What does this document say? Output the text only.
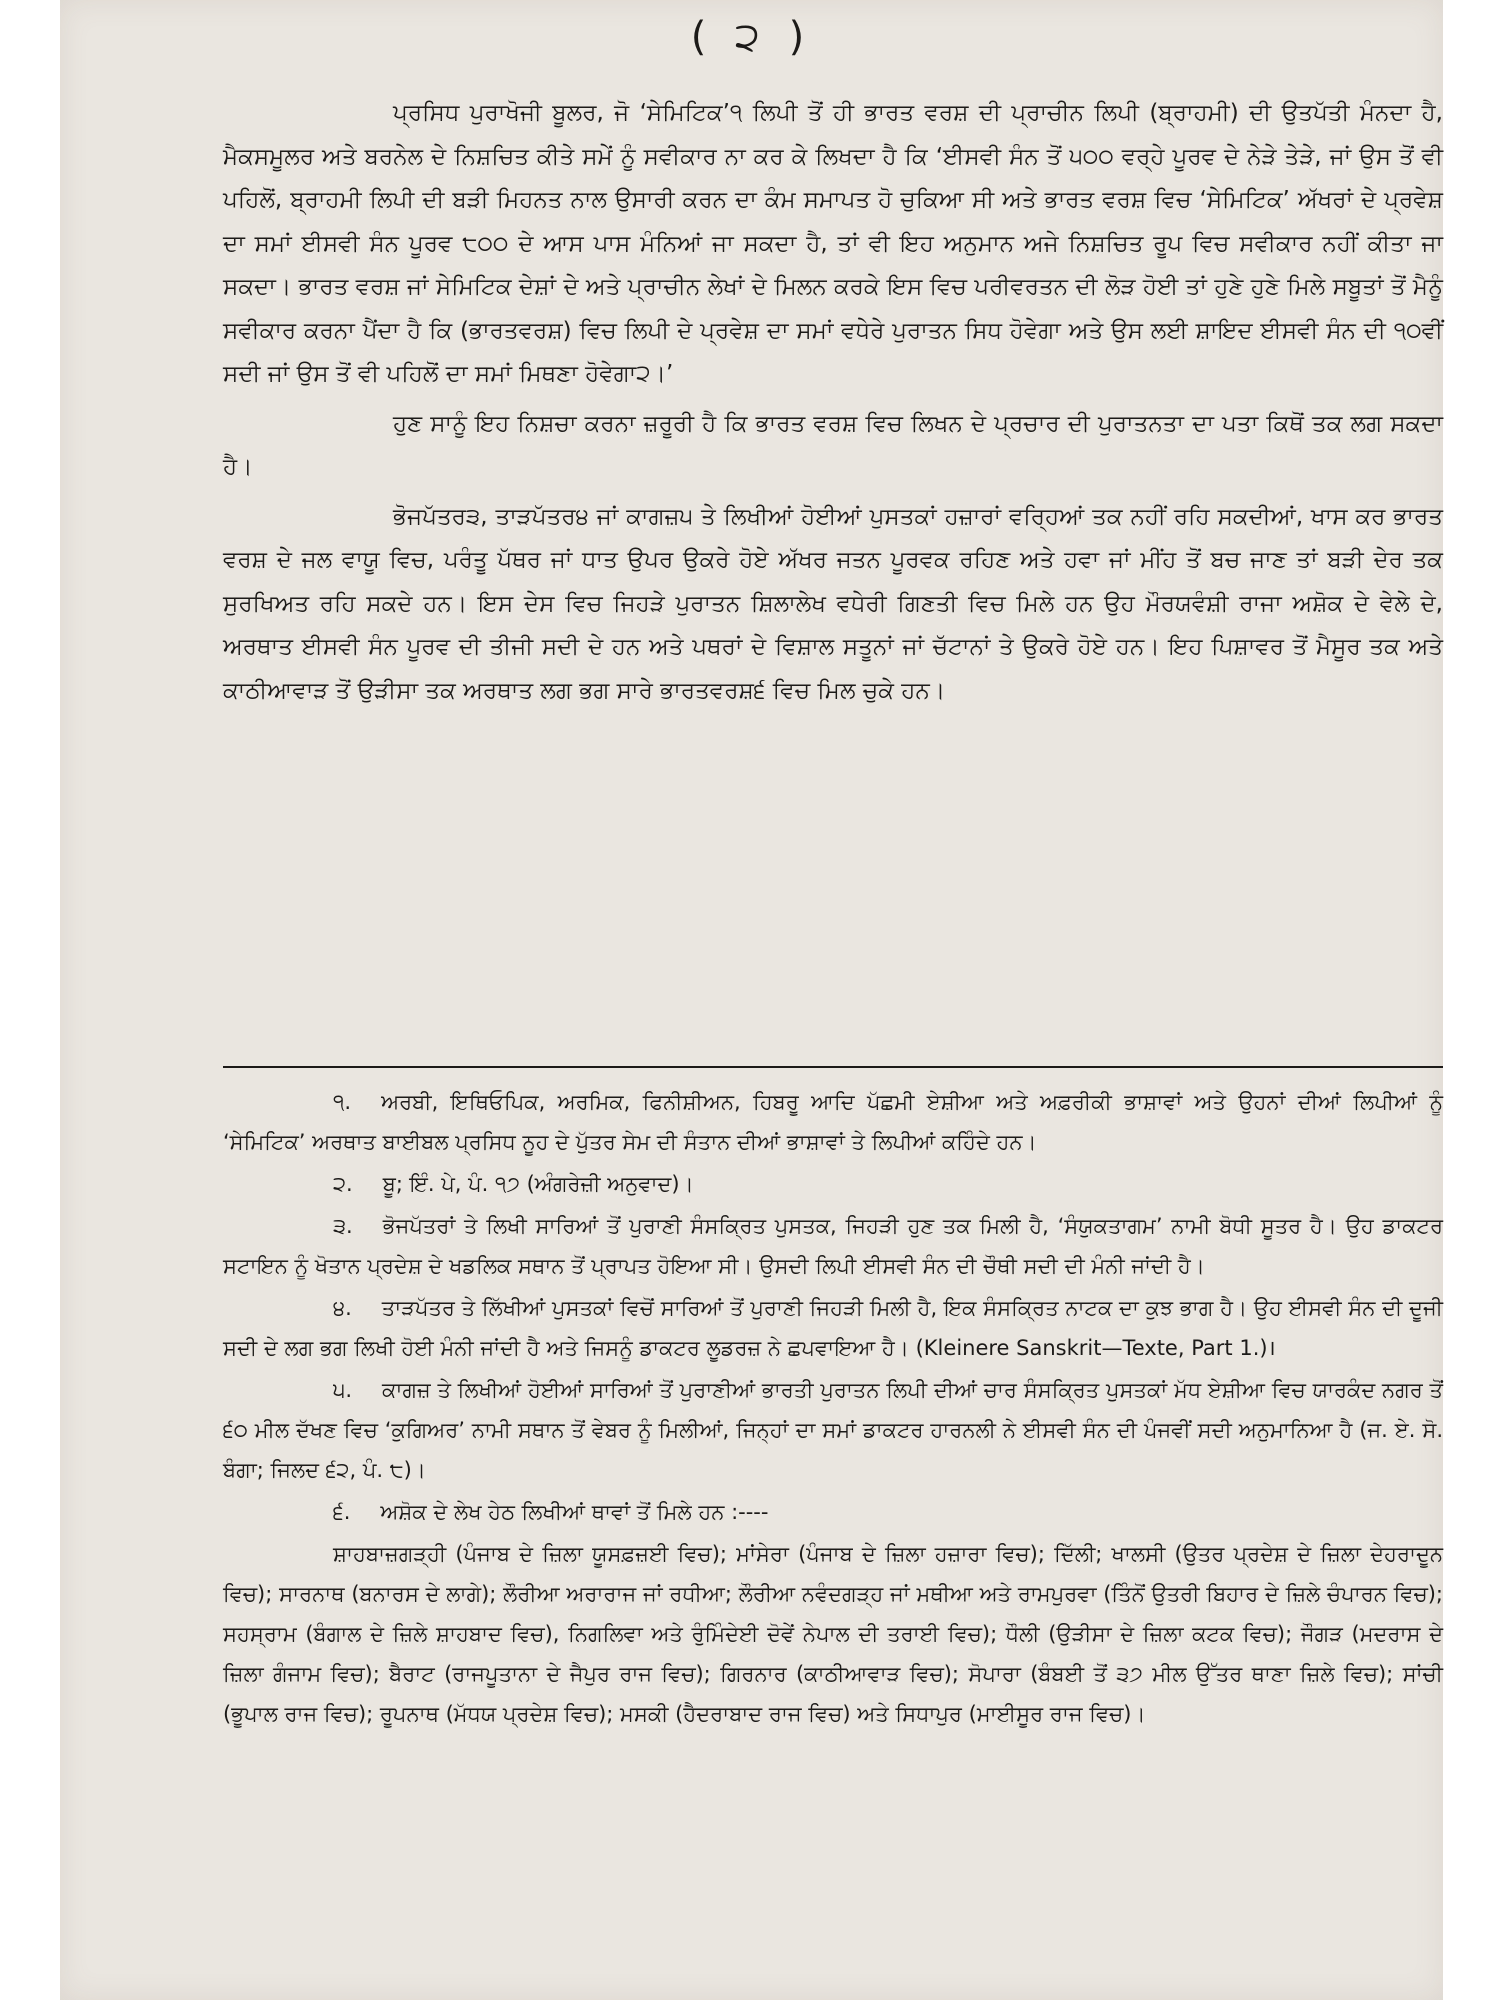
( ੨ )

ਪ੍ਰਸਿਧ ਪੁਰਾਖੋਜੀ ਬੂਲਰ, ਜੋ ‘ਸੇਮਿਟਿਕ’੧ ਲਿਪੀ ਤੋਂ ਹੀ ਭਾਰਤ ਵਰਸ਼ ਦੀ ਪ੍ਰਾਚੀਨ ਲਿਪੀ (ਬ੍ਰਾਹਮੀ) ਦੀ ਉਤਪੱਤੀ ਮੰਨਦਾ ਹੈ, ਮੈਕਸਮੂਲਰ ਅਤੇ ਬਰਨੇਲ ਦੇ ਨਿਸ਼ਚਿਤ ਕੀਤੇ ਸਮੇਂ ਨੂੰ ਸਵੀਕਾਰ ਨਾ ਕਰ ਕੇ ਲਿਖਦਾ ਹੈ ਕਿ ‘ਈਸਵੀ ਸੰਨ ਤੋਂ ੫੦੦ ਵਰ੍ਹੇ ਪੂਰਵ ਦੇ ਨੇੜੇ ਤੇੜੇ, ਜਾਂ ਉਸ ਤੋਂ ਵੀ ਪਹਿਲੋਂ, ਬ੍ਰਾਹਮੀ ਲਿਪੀ ਦੀ ਬੜੀ ਮਿਹਨਤ ਨਾਲ ਉਸਾਰੀ ਕਰਨ ਦਾ ਕੰਮ ਸਮਾਪਤ ਹੋ ਚੁਕਿਆ ਸੀ ਅਤੇ ਭਾਰਤ ਵਰਸ਼ ਵਿਚ ‘ਸੇਮਿਟਿਕ’ ਅੱਖਰਾਂ ਦੇ ਪ੍ਰਵੇਸ਼ ਦਾ ਸਮਾਂ ਈਸਵੀ ਸੰਨ ਪੂਰਵ ੮੦੦ ਦੇ ਆਸ ਪਾਸ ਮੰਨਿਆਂ ਜਾ ਸਕਦਾ ਹੈ, ਤਾਂ ਵੀ ਇਹ ਅਨੁਮਾਨ ਅਜੇ ਨਿਸ਼ਚਿਤ ਰੂਪ ਵਿਚ ਸਵੀਕਾਰ ਨਹੀਂ ਕੀਤਾ ਜਾ ਸਕਦਾ। ਭਾਰਤ ਵਰਸ਼ ਜਾਂ ਸੇਮਿਟਿਕ ਦੇਸ਼ਾਂ ਦੇ ਅਤੇ ਪ੍ਰਾਚੀਨ ਲੇਖਾਂ ਦੇ ਮਿਲਨ ਕਰਕੇ ਇਸ ਵਿਚ ਪਰੀਵਰਤਨ ਦੀ ਲੋੜ ਹੋਈ ਤਾਂ ਹੁਣੇ ਹੁਣੇ ਮਿਲੇ ਸਬੂਤਾਂ ਤੋਂ ਮੈਨੂੰ ਸਵੀਕਾਰ ਕਰਨਾ ਪੈਂਦਾ ਹੈ ਕਿ (ਭਾਰਤਵਰਸ਼) ਵਿਚ ਲਿਪੀ ਦੇ ਪ੍ਰਵੇਸ਼ ਦਾ ਸਮਾਂ ਵਧੇਰੇ ਪੁਰਾਤਨ ਸਿਧ ਹੋਵੇਗਾ ਅਤੇ ਉਸ ਲਈ ਸ਼ਾਇਦ ਈਸਵੀ ਸੰਨ ਦੀ ੧੦ਵੀਂ ਸਦੀ ਜਾਂ ਉਸ ਤੋਂ ਵੀ ਪਹਿਲੋਂ ਦਾ ਸਮਾਂ ਮਿਥਣਾ ਹੋਵੇਗਾ੨।’

ਹੁਣ ਸਾਨੂੰ ਇਹ ਨਿਸ਼ਚਾ ਕਰਨਾ ਜ਼ਰੂਰੀ ਹੈ ਕਿ ਭਾਰਤ ਵਰਸ਼ ਵਿਚ ਲਿਖਨ ਦੇ ਪ੍ਰਚਾਰ ਦੀ ਪੁਰਾਤਨਤਾ ਦਾ ਪਤਾ ਕਿਥੋਂ ਤਕ ਲਗ ਸਕਦਾ ਹੈ।

ਭੋਜਪੱਤਰ੩, ਤਾੜਪੱਤਰ੪ ਜਾਂ ਕਾਗਜ਼੫ ਤੇ ਲਿਖੀਆਂ ਹੋਈਆਂ ਪੁਸਤਕਾਂ ਹਜ਼ਾਰਾਂ ਵਰ੍ਹਿਆਂ ਤਕ ਨਹੀਂ ਰਹਿ ਸਕਦੀਆਂ, ਖਾਸ ਕਰ ਭਾਰਤ ਵਰਸ਼ ਦੇ ਜਲ ਵਾਯੂ ਵਿਚ, ਪਰੰਤੂ ਪੱਥਰ ਜਾਂ ਧਾਤ ਉਪਰ ਉਕਰੇ ਹੋਏ ਅੱਖਰ ਜਤਨ ਪੂਰਵਕ ਰਹਿਣ ਅਤੇ ਹਵਾ ਜਾਂ ਮੀਂਹ ਤੋਂ ਬਚ ਜਾਣ ਤਾਂ ਬੜੀ ਦੇਰ ਤਕ ਸੁਰਖਿਅਤ ਰਹਿ ਸਕਦੇ ਹਨ। ਇਸ ਦੇਸ ਵਿਚ ਜਿਹੜੇ ਪੁਰਾਤਨ ਸ਼ਿਲਾਲੇਖ ਵਧੇਰੀ ਗਿਣਤੀ ਵਿਚ ਮਿਲੇ ਹਨ ਉਹ ਮੌਰਯਵੰਸ਼ੀ ਰਾਜਾ ਅਸ਼ੋਕ ਦੇ ਵੇਲੇ ਦੇ, ਅਰਥਾਤ ਈਸਵੀ ਸੰਨ ਪੂਰਵ ਦੀ ਤੀਜੀ ਸਦੀ ਦੇ ਹਨ ਅਤੇ ਪਥਰਾਂ ਦੇ ਵਿਸ਼ਾਲ ਸਤੂਨਾਂ ਜਾਂ ਚੱਟਾਨਾਂ ਤੇ ਉਕਰੇ ਹੋਏ ਹਨ। ਇਹ ਪਿਸ਼ਾਵਰ ਤੋਂ ਮੈਸੂਰ ਤਕ ਅਤੇ ਕਾਠੀਆਵਾੜ ਤੋਂ ਉੜੀਸਾ ਤਕ ਅਰਥਾਤ ਲਗ ਭਗ ਸਾਰੇ ਭਾਰਤਵਰਸ਼੬ ਵਿਚ ਮਿਲ ਚੁਕੇ ਹਨ।

੧. ਅਰਬੀ, ਇਥਿਓਪਿਕ, ਅਰਮਿਕ, ਫਿਨੀਸ਼ੀਅਨ, ਹਿਬਰੂ ਆਦਿ ਪੱਛਮੀ ਏਸ਼ੀਆ ਅਤੇ ਅਫ਼ਰੀਕੀ ਭਾਸ਼ਾਵਾਂ ਅਤੇ ਉਹਨਾਂ ਦੀਆਂ ਲਿਪੀਆਂ ਨੂੰ ‘ਸੇਮਿਟਿਕ’ ਅਰਥਾਤ ਬਾਈਬਲ ਪ੍ਰਸਿਧ ਨੂਹ ਦੇ ਪੁੱਤਰ ਸੇਮ ਦੀ ਸੰਤਾਨ ਦੀਆਂ ਭਾਸ਼ਾਵਾਂ ਤੇ ਲਿਪੀਆਂ ਕਹਿੰਦੇ ਹਨ।

੨. ਬੂ; ਇੰ. ਪੇ, ਪੰ. ੧੭ (ਅੰਗਰੇਜ਼ੀ ਅਨੁਵਾਦ)।

੩. ਭੋਜਪੱਤਰਾਂ ਤੇ ਲਿਖੀ ਸਾਰਿਆਂ ਤੋਂ ਪੁਰਾਣੀ ਸੰਸਕ੍ਰਿਤ ਪੁਸਤਕ, ਜਿਹੜੀ ਹੁਣ ਤਕ ਮਿਲੀ ਹੈ, ‘ਸੰਯੁਕਤਾਗਮ’ ਨਾਮੀ ਬੋਧੀ ਸੂਤਰ ਹੈ। ਉਹ ਡਾਕਟਰ ਸਟਾਇਨ ਨੂੰ ਖੋਤਾਨ ਪ੍ਰਦੇਸ਼ ਦੇ ਖਡਲਿਕ ਸਥਾਨ ਤੋਂ ਪ੍ਰਾਪਤ ਹੋਇਆ ਸੀ। ਉਸਦੀ ਲਿਪੀ ਈਸਵੀ ਸੰਨ ਦੀ ਚੌਥੀ ਸਦੀ ਦੀ ਮੰਨੀ ਜਾਂਦੀ ਹੈ।

੪. ਤਾੜਪੱਤਰ ਤੇ ਲਿੱਖੀਆਂ ਪੁਸਤਕਾਂ ਵਿਚੋਂ ਸਾਰਿਆਂ ਤੋਂ ਪੁਰਾਣੀ ਜਿਹੜੀ ਮਿਲੀ ਹੈ, ਇਕ ਸੰਸਕ੍ਰਿਤ ਨਾਟਕ ਦਾ ਕੁਝ ਭਾਗ ਹੈ। ਉਹ ਈਸਵੀ ਸੰਨ ਦੀ ਦੂਜੀ ਸਦੀ ਦੇ ਲਗ ਭਗ ਲਿਖੀ ਹੋਈ ਮੰਨੀ ਜਾਂਦੀ ਹੈ ਅਤੇ ਜਿਸਨੂੰ ਡਾਕਟਰ ਲੂਡਰਜ਼ ਨੇ ਛਪਵਾਇਆ ਹੈ। (Kleinere Sanskrit—Texte, Part 1.)।

੫. ਕਾਗਜ਼ ਤੇ ਲਿਖੀਆਂ ਹੋਈਆਂ ਸਾਰਿਆਂ ਤੋਂ ਪੁਰਾਣੀਆਂ ਭਾਰਤੀ ਪੁਰਾਤਨ ਲਿਪੀ ਦੀਆਂ ਚਾਰ ਸੰਸਕ੍ਰਿਤ ਪੁਸਤਕਾਂ ਮੱਧ ਏਸ਼ੀਆ ਵਿਚ ਯਾਰਕੰਦ ਨਗਰ ਤੋਂ ੬੦ ਮੀਲ ਦੱਖਣ ਵਿਚ ‘ਕੁਗਿਅਰ’ ਨਾਮੀ ਸਥਾਨ ਤੋਂ ਵੇਬਰ ਨੂੰ ਮਿਲੀਆਂ, ਜਿਨ੍ਹਾਂ ਦਾ ਸਮਾਂ ਡਾਕਟਰ ਹਾਰਨਲੀ ਨੇ ਈਸਵੀ ਸੰਨ ਦੀ ਪੰਜਵੀਂ ਸਦੀ ਅਨੁਮਾਨਿਆ ਹੈ (ਜ. ਏ. ਸੋ. ਬੰਗਾ; ਜਿਲਦ ੬੨, ਪੰ. ੮)।

੬. ਅਸ਼ੋਕ ਦੇ ਲੇਖ ਹੇਠ ਲਿਖੀਆਂ ਥਾਵਾਂ ਤੋਂ ਮਿਲੇ ਹਨ :----

ਸ਼ਾਹਬਾਜ਼ਗੜ੍ਹੀ (ਪੰਜਾਬ ਦੇ ਜ਼ਿਲਾ ਯੂਸਫ਼ਜ਼ਈ ਵਿਚ); ਮਾਂਸੇਰਾ (ਪੰਜਾਬ ਦੇ ਜ਼ਿਲਾ ਹਜ਼ਾਰਾ ਵਿਚ); ਦਿੱਲੀ; ਖਾਲਸੀ (ਉਤਰ ਪ੍ਰਦੇਸ਼ ਦੇ ਜ਼ਿਲਾ ਦੇਹਰਾਦੂਨ ਵਿਚ); ਸਾਰਨਾਥ (ਬਨਾਰਸ ਦੇ ਲਾਗੇ); ਲੌਰੀਆ ਅਰਾਰਾਜ ਜਾਂ ਰਧੀਆ; ਲੌਰੀਆ ਨਵੰਦਗੜ੍ਹ ਜਾਂ ਮਥੀਆ ਅਤੇ ਰਾਮਪੁਰਵਾ (ਤਿੰਨੋਂ ਉਤਰੀ ਬਿਹਾਰ ਦੇ ਜ਼ਿਲੇ ਚੰਪਾਰਨ ਵਿਚ); ਸਹਸ੍ਰਾਮ (ਬੰਗਾਲ ਦੇ ਜ਼ਿਲੇ ਸ਼ਾਹਬਾਦ ਵਿਚ), ਨਿਗਲਿਵਾ ਅਤੇ ਰੁੰਮਿੰਦੇਈ ਦੋਵੇਂ ਨੇਪਾਲ ਦੀ ਤਰਾਈ ਵਿਚ); ਧੌਲੀ (ਉੜੀਸਾ ਦੇ ਜ਼ਿਲਾ ਕਟਕ ਵਿਚ); ਜੌਗੜ (ਮਦਰਾਸ ਦੇ ਜ਼ਿਲਾ ਗੰਜਾਮ ਵਿਚ); ਬੈਰਾਟ (ਰਾਜਪੂਤਾਨਾ ਦੇ ਜੈਪੁਰ ਰਾਜ ਵਿਚ); ਗਿਰਨਾਰ (ਕਾਠੀਆਵਾੜ ਵਿਚ); ਸੋਪਾਰਾ (ਬੰਬਈ ਤੋਂ ੩੭ ਮੀਲ ਉੱਤਰ ਥਾਣਾ ਜ਼ਿਲੇ ਵਿਚ); ਸਾਂਚੀ (ਭੂਪਾਲ ਰਾਜ ਵਿਚ); ਰੂਪਨਾਥ (ਮੱਧਯ ਪ੍ਰਦੇਸ਼ ਵਿਚ); ਮਸਕੀ (ਹੈਦਰਾਬਾਦ ਰਾਜ ਵਿਚ) ਅਤੇ ਸਿਧਾਪੁਰ (ਮਾਈਸੂਰ ਰਾਜ ਵਿਚ)।
